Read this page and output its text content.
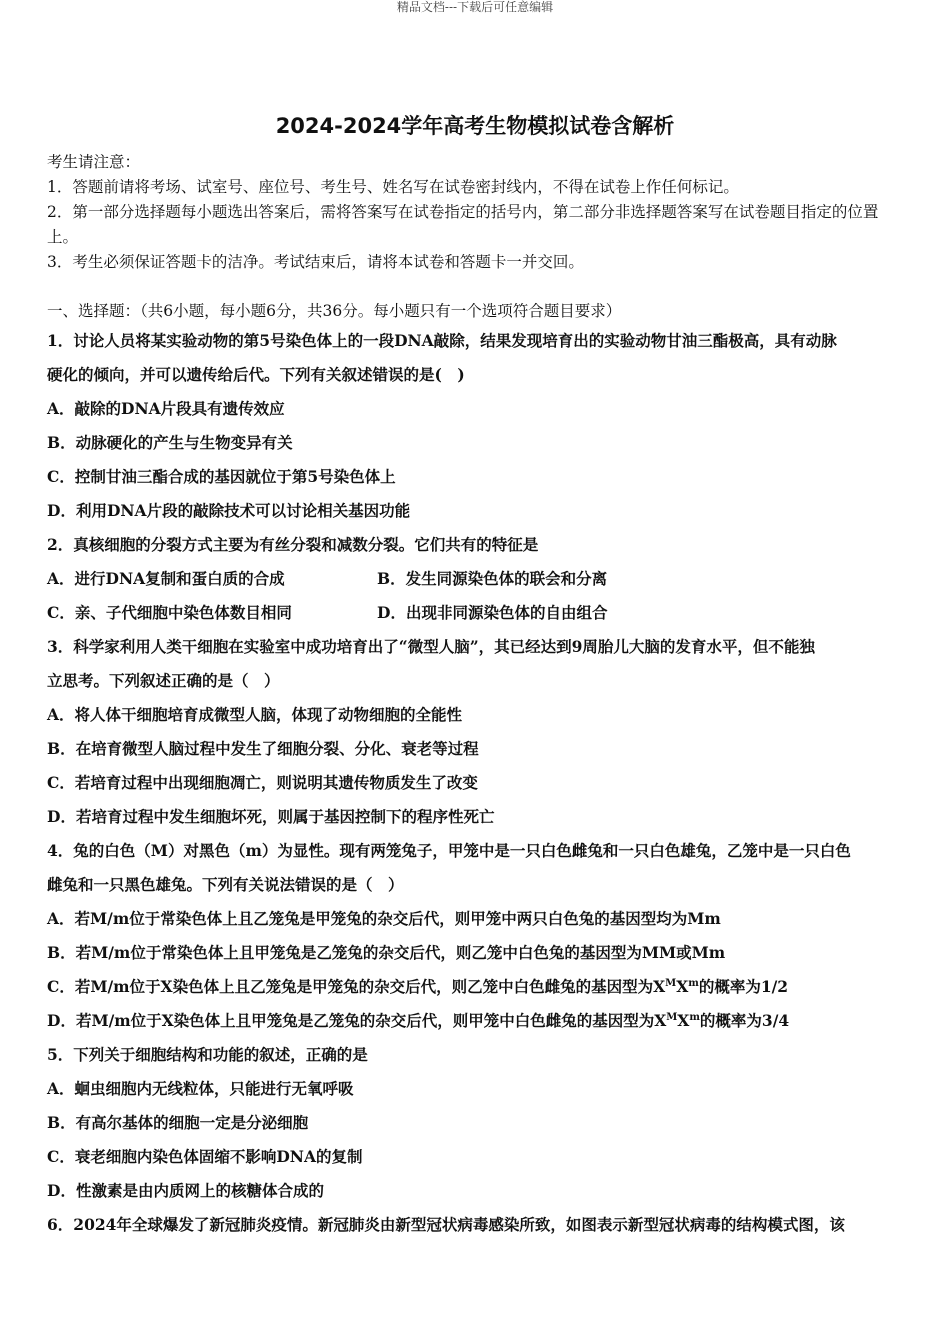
精品文档---下载后可任意编辑
2024-2024学年高考生物模拟试卷含解析
考生请注意：
1．答题前请将考场、试室号、座位号、考生号、姓名写在试卷密封线内，不得在试卷上作任何标记。
2．第一部分选择题每小题选出答案后，需将答案写在试卷指定的括号内，第二部分非选择题答案写在试卷题目指定的位置上。
3．考生必须保证答题卡的洁净。考试结束后，请将本试卷和答题卡一并交回。
一、选择题：（共6小题，每小题6分，共36分。每小题只有一个选项符合题目要求）
1．讨论人员将某实验动物的第5号染色体上的一段DNA敲除，结果发现培育出的实验动物甘油三酯极高，具有动脉
硬化的倾向，并可以遗传给后代。下列有关叙述错误的是(　)
A．敲除的DNA片段具有遗传效应
B．动脉硬化的产生与生物变异有关
C．控制甘油三酯合成的基因就位于第5号染色体上
D．利用DNA片段的敲除技术可以讨论相关基因功能
2．真核细胞的分裂方式主要为有丝分裂和减数分裂。它们共有的特征是
A．进行DNA复制和蛋白质的合成	B．发生同源染色体的联会和分离
C．亲、子代细胞中染色体数目相同	D．出现非同源染色体的自由组合
3．科学家利用人类干细胞在实验室中成功培育出了“微型人脑”，其已经达到9周胎儿大脑的发育水平，但不能独
立思考。下列叙述正确的是（　）
A．将人体干细胞培育成微型人脑，体现了动物细胞的全能性
B．在培育微型人脑过程中发生了细胞分裂、分化、衰老等过程
C．若培育过程中出现细胞凋亡，则说明其遗传物质发生了改变
D．若培育过程中发生细胞坏死，则属于基因控制下的程序性死亡
4．兔的白色（M）对黑色（m）为显性。现有两笼兔子，甲笼中是一只白色雌兔和一只白色雄兔，乙笼中是一只白色
雌兔和一只黑色雄兔。下列有关说法错误的是（　）
A．若M/m位于常染色体上且乙笼兔是甲笼兔的杂交后代，则甲笼中两只白色兔的基因型均为Mm
B．若M/m位于常染色体上且甲笼兔是乙笼兔的杂交后代，则乙笼中白色兔的基因型为MM或Mm
C．若M/m位于X染色体上且乙笼兔是甲笼兔的杂交后代，则乙笼中白色雌兔的基因型为$X^MX^m$的概率为1/2
D．若M/m位于X染色体上且甲笼兔是乙笼兔的杂交后代，则甲笼中白色雌兔的基因型为$X^MX^m$的概率为3/4
5．下列关于细胞结构和功能的叙述，正确的是
A．蛔虫细胞内无线粒体，只能进行无氧呼吸
B．有高尔基体的细胞一定是分泌细胞
C．衰老细胞内染色体固缩不影响DNA的复制
D．性激素是由内质网上的核糖体合成的
6．2024年全球爆发了新冠肺炎疫情。新冠肺炎由新型冠状病毒感染所致，如图表示新型冠状病毒的结构模式图，该
